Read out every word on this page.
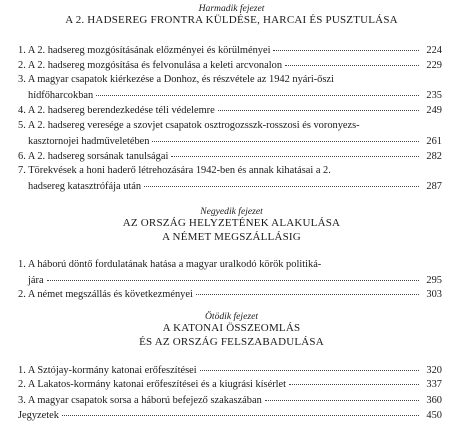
Harmadik fejezet
A 2. HADSEREG FRONTRA KÜLDÉSE, HARCAI ÉS PUSZTULÁSA
1. A 2. hadsereg mozgósításának előzményei és körülményei	224
2. A 2. hadsereg mozgósítása és felvonulása a keleti arcvonalon	229
3. A magyar csapatok kiérkezése a Donhoz, és részvétele az 1942 nyári-őszi
hídfőharcokban	235
4. A 2. hadsereg berendezkedése téli védelemre	249
5. A 2. hadsereg veresége a szovjet csapatok osztrogozsszk-rosszosi és voronyezs-
kasztornojei hadműveletében	261
6. A 2. hadsereg sorsának tanulságai	282
7. Törekvések a honi haderő létrehozására 1942-ben és annak kihatásai a 2.
hadsereg katasztrófája után	287
Negyedik fejezet
AZ ORSZÁG HELYZETÉNEK ALAKULÁSA
A NÉMET MEGSZÁLLÁSIG
1. A háború döntő fordulatának hatása a magyar uralkodó körök politiká-
jára	295
2. A német megszállás és következményei	303
Ötödik fejezet
A KATONAI ÖSSZEOMLÁS
ÉS AZ ORSZÁG FELSZABADULÁSA
1. A Sztójay-kormány katonai erőfeszítései	320
2. A Lakatos-kormány katonai erőfeszítései és a kiugrási kísérlet	337
3. A magyar csapatok sorsa a háború befejező szakaszában	360
Jegyzetek	450
